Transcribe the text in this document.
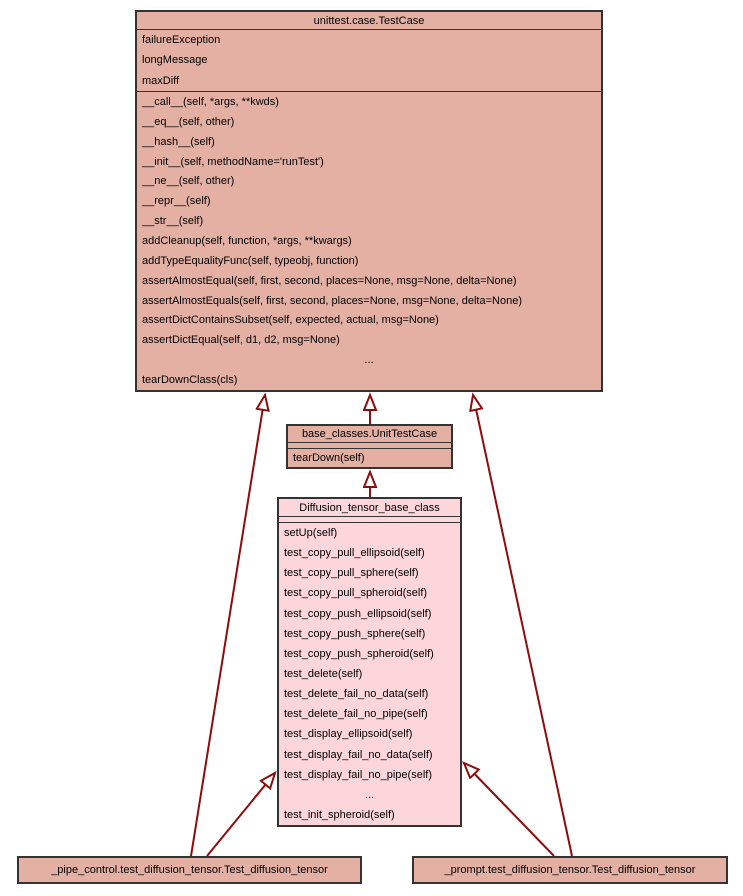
unittest.case.TestCase
failureException
longMessage
maxDiff
__call__(self, *args, **kwds)
__eq__(self, other)
__hash__(self)
__init__(self, methodName='runTest')
__ne__(self, other)
__repr__(self)
__str__(self)
addCleanup(self, function, *args, **kwargs)
addTypeEqualityFunc(self, typeobj, function)
assertAlmostEqual(self, first, second, places=None, msg=None, delta=None)
assertAlmostEquals(self, first, second, places=None, msg=None, delta=None)
assertDictContainsSubset(self, expected, actual, msg=None)
assertDictEqual(self, d1, d2, msg=None)
...
tearDownClass(cls)
base_classes.UnitTestCase
tearDown(self)
Diffusion_tensor_base_class
setUp(self)
test_copy_pull_ellipsoid(self)
test_copy_pull_sphere(self)
test_copy_pull_spheroid(self)
test_copy_push_ellipsoid(self)
test_copy_push_sphere(self)
test_copy_push_spheroid(self)
test_delete(self)
test_delete_fail_no_data(self)
test_delete_fail_no_pipe(self)
test_display_ellipsoid(self)
test_display_fail_no_data(self)
test_display_fail_no_pipe(self)
...
test_init_spheroid(self)
_pipe_control.test_diffusion_tensor.Test_diffusion_tensor	_prompt.test_diffusion_tensor.Test_diffusion_tensor
